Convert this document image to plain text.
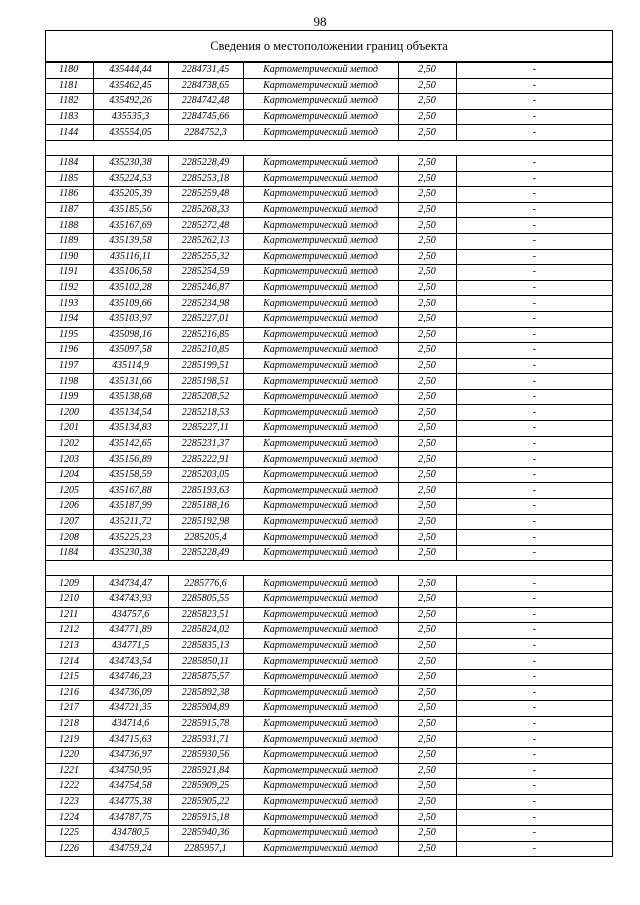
98
Сведения о местоположении границ объекта
1180	435444,44	2284731,45	Картометрический метод	2,50	-
1181	435462,45	2284738,65	Картометрический метод	2,50	-
1182	435492,26	2284742,48	Картометрический метод	2,50	-
1183	435535,3	2284745,66	Картометрический метод	2,50	-
1144	435554,05	2284752,3	Картометрический метод	2,50	-

1184	435230,38	2285228,49	Картометрический метод	2,50	-
1185	435224,53	2285253,18	Картометрический метод	2,50	-
1186	435205,39	2285259,48	Картометрический метод	2,50	-
1187	435185,56	2285268,33	Картометрический метод	2,50	-
1188	435167,69	2285272,48	Картометрический метод	2,50	-
1189	435139,58	2285262,13	Картометрический метод	2,50	-
1190	435116,11	2285255,32	Картометрический метод	2,50	-
1191	435106,58	2285254,59	Картометрический метод	2,50	-
1192	435102,28	2285246,87	Картометрический метод	2,50	-
1193	435109,66	2285234,98	Картометрический метод	2,50	-
1194	435103,97	2285227,01	Картометрический метод	2,50	-
1195	435098,16	2285216,85	Картометрический метод	2,50	-
1196	435097,58	2285210,85	Картометрический метод	2,50	-
1197	435114,9	2285199,51	Картометрический метод	2,50	-
1198	435131,66	2285198,51	Картометрический метод	2,50	-
1199	435138,68	2285208,52	Картометрический метод	2,50	-
1200	435134,54	2285218,53	Картометрический метод	2,50	-
1201	435134,83	2285227,11	Картометрический метод	2,50	-
1202	435142,65	2285231,37	Картометрический метод	2,50	-
1203	435156,89	2285222,91	Картометрический метод	2,50	-
1204	435158,59	2285203,05	Картометрический метод	2,50	-
1205	435167,88	2285193,63	Картометрический метод	2,50	-
1206	435187,99	2285188,16	Картометрический метод	2,50	-
1207	435211,72	2285192,98	Картометрический метод	2,50	-
1208	435225,23	2285205,4	Картометрический метод	2,50	-
1184	435230,38	2285228,49	Картометрический метод	2,50	-

1209	434734,47	2285776,6	Картометрический метод	2,50	-
1210	434743,93	2285805,55	Картометрический метод	2,50	-
1211	434757,6	2285823,51	Картометрический метод	2,50	-
1212	434771,89	2285824,02	Картометрический метод	2,50	-
1213	434771,5	2285835,13	Картометрический метод	2,50	-
1214	434743,54	2285850,11	Картометрический метод	2,50	-
1215	434746,23	2285875,57	Картометрический метод	2,50	-
1216	434736,09	2285892,38	Картометрический метод	2,50	-
1217	434721,35	2285904,89	Картометрический метод	2,50	-
1218	434714,6	2285915,78	Картометрический метод	2,50	-
1219	434715,63	2285931,71	Картометрический метод	2,50	-
1220	434736,97	2285930,56	Картометрический метод	2,50	-
1221	434750,95	2285921,84	Картометрический метод	2,50	-
1222	434754,58	2285909,25	Картометрический метод	2,50	-
1223	434775,38	2285905,22	Картометрический метод	2,50	-
1224	434787,75	2285915,18	Картометрический метод	2,50	-
1225	434780,5	2285940,36	Картометрический метод	2,50	-
1226	434759,24	2285957,1	Картометрический метод	2,50	-
